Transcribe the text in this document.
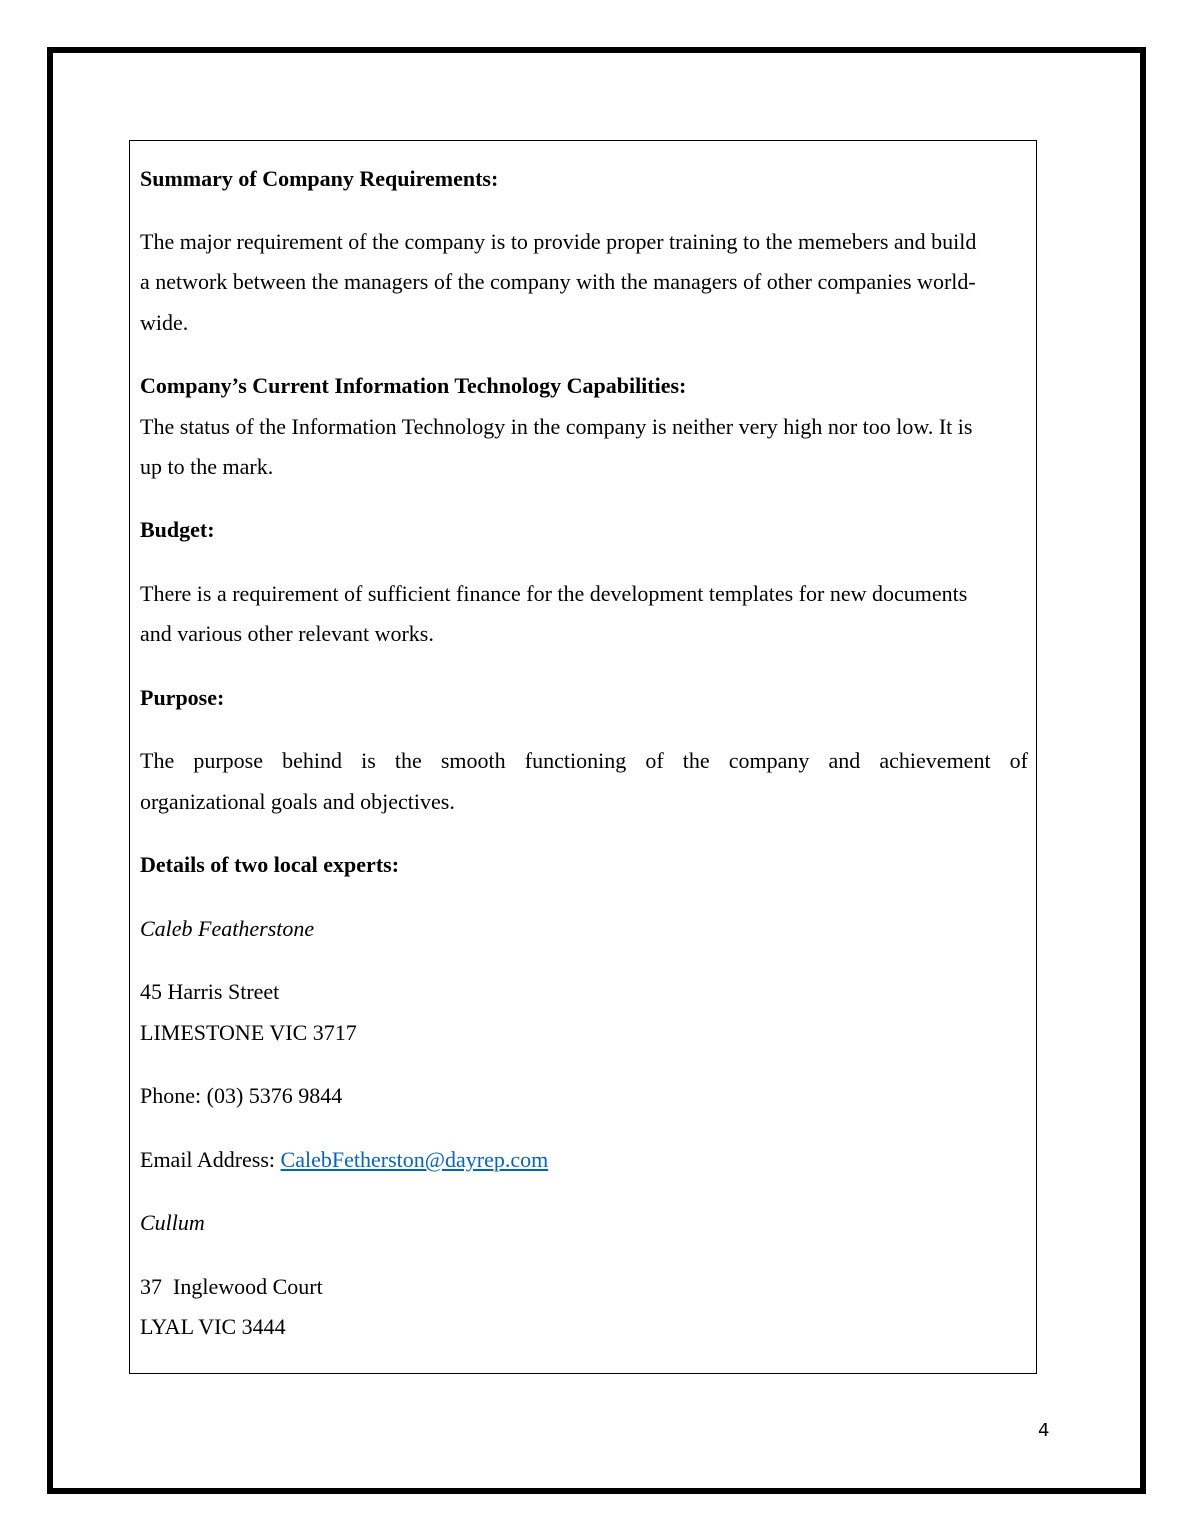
Summary of Company Requirements:
The major requirement of the company is to provide proper training to the memebers and build
a network between the managers of the company with the managers of other companies world-
wide.
Company’s Current Information Technology Capabilities:
The status of the Information Technology in the company is neither very high nor too low. It is
up to the mark.
Budget:
There is a requirement of sufficient finance for the development templates for new documents
and various other relevant works.
Purpose:
The purpose behind is the smooth functioning of the company and achievement of
organizational goals and objectives.
Details of two local experts:
Caleb Featherstone
45 Harris Street
LIMESTONE VIC 3717
Phone: (03) 5376 9844
Email Address: CalebFetherston@dayrep.com
Cullum
37  Inglewood Court
LYAL VIC 3444
4
